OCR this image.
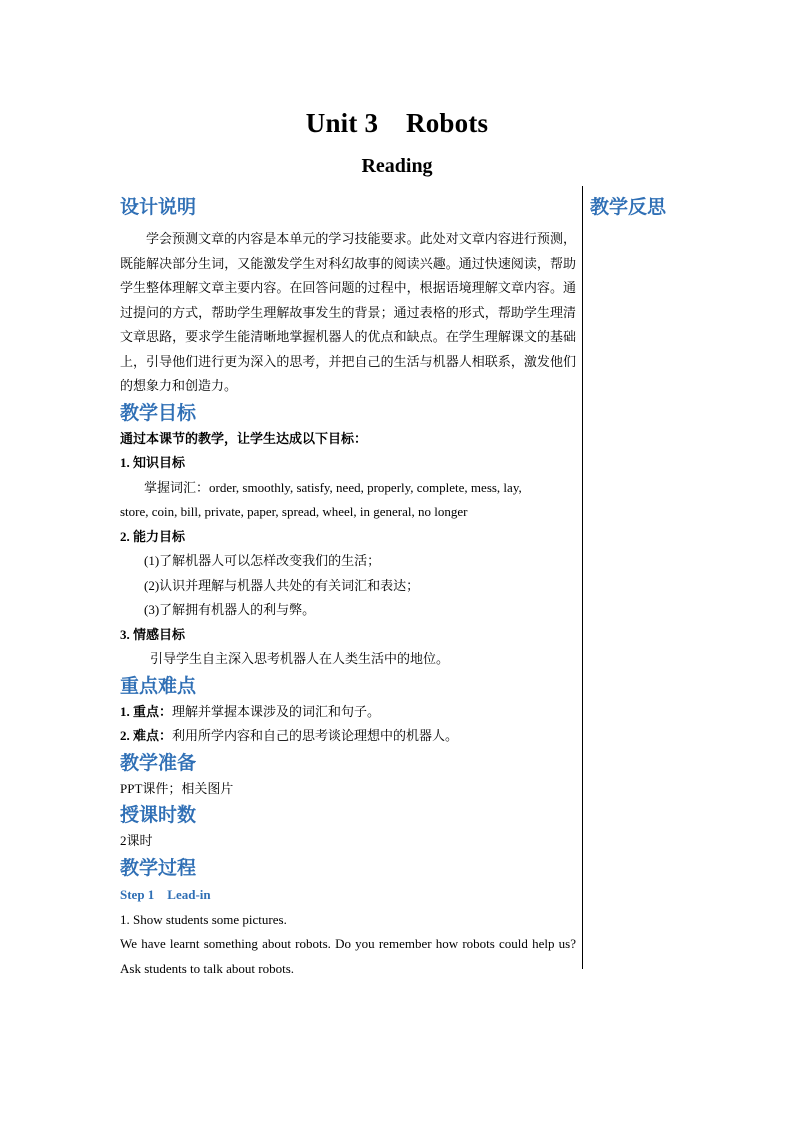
Unit 3    Robots
Reading
教学反思
设计说明

学会预测文章的内容是本单元的学习技能要求。此处对文章内容进行预测，既能解决部分生词，又能激发学生对科幻故事的阅读兴趣。通过快速阅读，帮助学生整体理解文章主要内容。在回答问题的过程中，根据语境理解文章内容。通过提问的方式，帮助学生理解故事发生的背景；通过表格的形式，帮助学生理清文章思路，要求学生能清晰地掌握机器人的优点和缺点。在学生理解课文的基础上，引导他们进行更为深入的思考，并把自己的生活与机器人相联系，激发他们的想象力和创造力。

教学目标
通过本课节的教学，让学生达成以下目标：
1. 知识目标
掌握词汇：order, smoothly, satisfy, need, properly, complete, mess, lay,
store, coin, bill, private, paper, spread, wheel, in general, no longer
2. 能力目标
(1)了解机器人可以怎样改变我们的生活；
(2)认识并理解与机器人共处的有关词汇和表达；
(3)了解拥有机器人的利与弊。
3. 情感目标
引导学生自主深入思考机器人在人类生活中的地位。
重点难点
1. 重点：理解并掌握本课涉及的词汇和句子。
2. 难点：利用所学内容和自己的思考谈论理想中的机器人。
教学准备
PPT课件；相关图片
授课时数
2课时
教学过程
Step 1    Lead-in
1. Show students some pictures.
We have learnt something about robots. Do you remember how robots could help us? Ask students to talk about robots.
